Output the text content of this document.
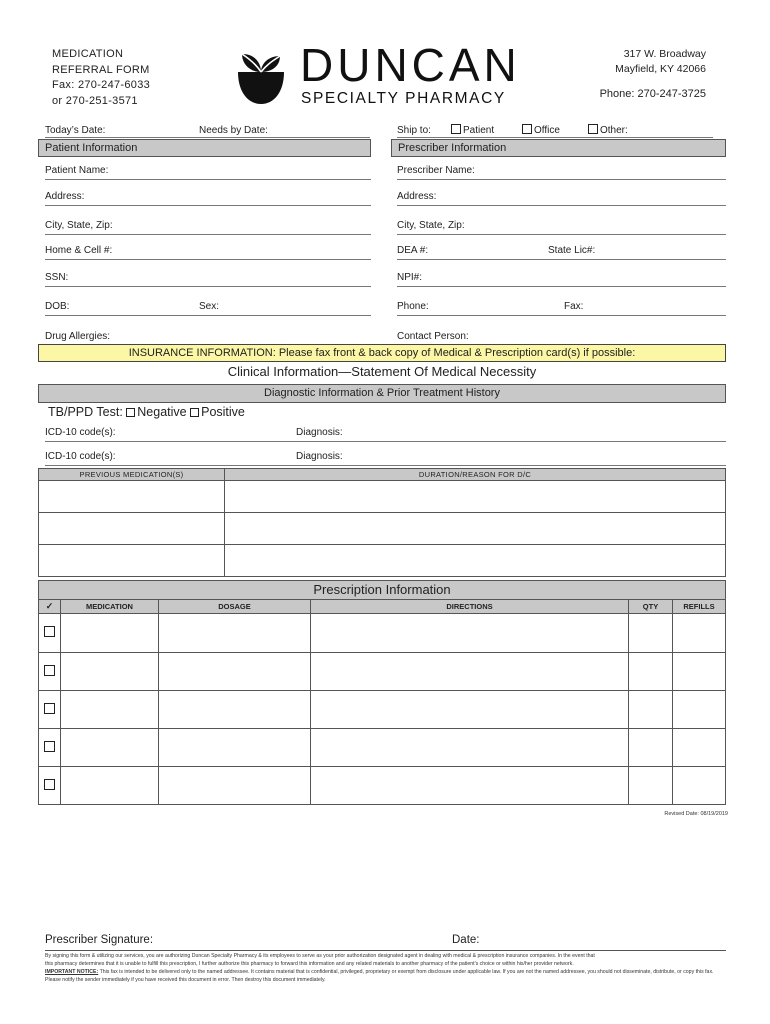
MEDICATION
REFERRAL FORM
Fax: 270-247-6033
or 270-251-3571
DUNCAN
SPECIALTY PHARMACY
317 W. Broadway
Mayfield, KY 42066
Phone: 270-247-3725
Today’s Date:	Needs by Date:	Ship to:	Patient	Office	Other:
Patient Information	Prescriber Information
Patient Name:
Address:
City, State, Zip:
Home & Cell #:
SSN:
DOB:	Sex:
Drug Allergies:
Prescriber Name:
Address:
City, State, Zip:
DEA #:	State Lic#:
NPI#:
Phone:	Fax:
Contact Person:
INSURANCE INFORMATION: Please fax front & back copy of Medical & Prescription card(s) if possible:
Clinical Information—Statement Of Medical Necessity
Diagnostic Information & Prior Treatment History
TB/PPD Test: Negative Positive
ICD-10 code(s):	Diagnosis:
ICD-10 code(s):	Diagnosis:
PREVIOUS MEDICATION(S)	DURATION/REASON FOR D/C

Prescription Information
✓	MEDICATION	DOSAGE	DIRECTIONS	QTY	REFILLS

Revised Date: 08/19/2019
Prescriber Signature:	Date:
By signing this form & utilizing our services, you are authorizing Duncan Specialty Pharmacy & its employees to serve as your prior authorization designated agent in dealing with medical & prescription insurance companies. In the event that
this pharmacy determines that it is unable to fulfill this prescription, I further authorize this pharmacy to forward this information and any related materials to another pharmacy of the patient's choice or within his/her provider network.
IMPORTANT NOTICE: This fax is intended to be delivered only to the named addressee. It contains material that is confidential, privileged, proprietary or exempt from disclosure under applicable law. If you are not the named addressee, you should not disseminate, distribute, or copy this fax.
Please notify the sender immediately if you have received this document in error. Then destroy this document immediately.
